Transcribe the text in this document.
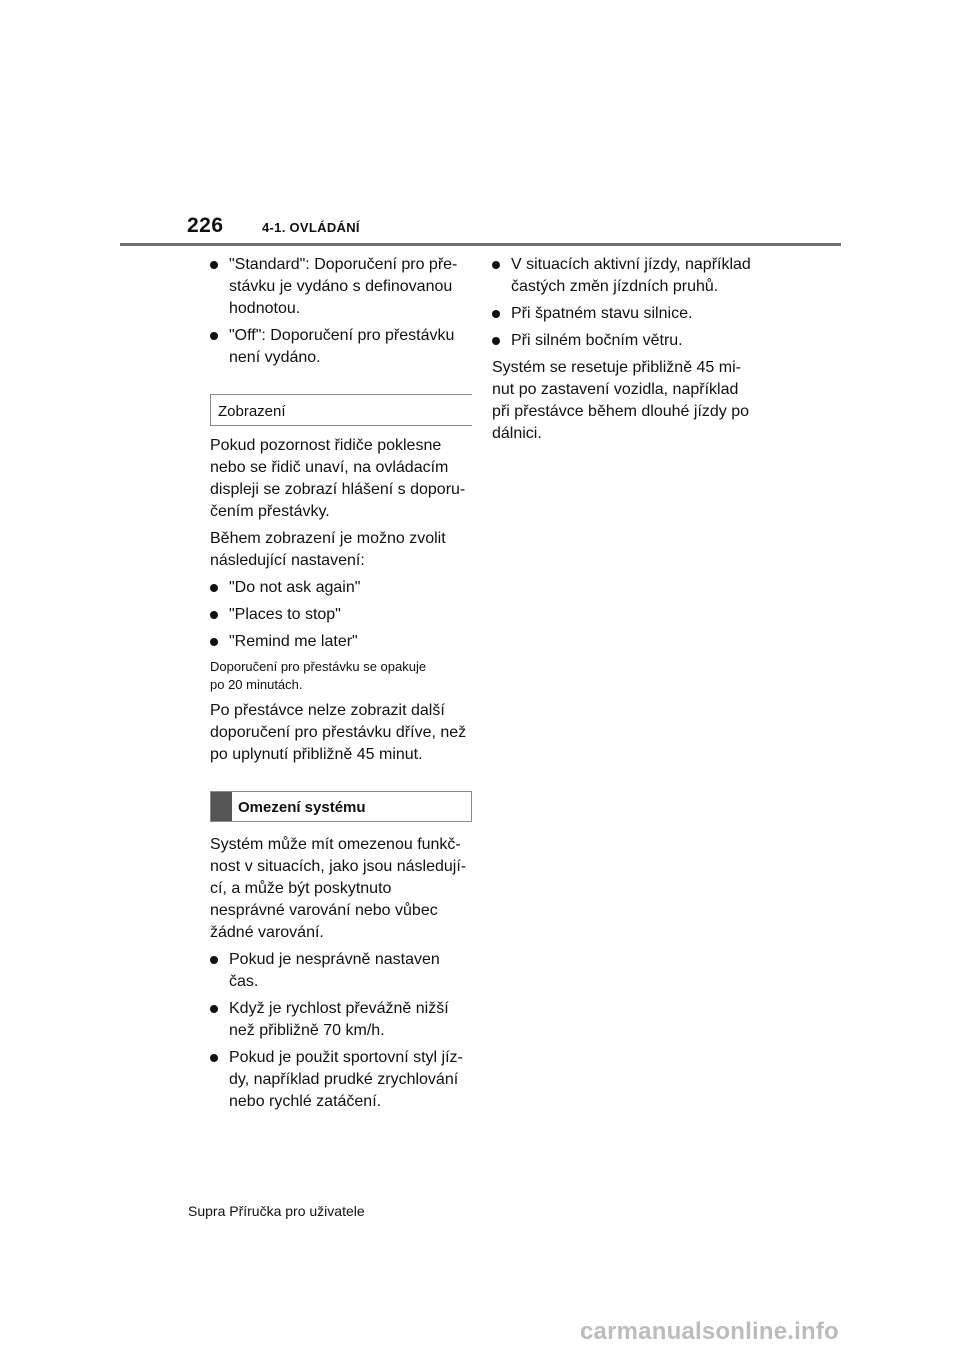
226	4-1. OVLÁDÁNÍ
"Standard": Doporučení pro pře-
stávku je vydáno s definovanou
hodnotou.
"Off": Doporučení pro přestávku
není vydáno.
Zobrazení

Pokud pozornost řidiče poklesne
nebo se řidič unaví, na ovládacím
displeji se zobrazí hlášení s doporu-
čením přestávky.

Během zobrazení je možno zvolit
následující nastavení:

"Do not ask again"
"Places to stop"
"Remind me later"

Doporučení pro přestávku se opakuje
po 20 minutách.

Po přestávce nelze zobrazit další
doporučení pro přestávku dříve, než
po uplynutí přibližně 45 minut.

Omezení systému

Systém může mít omezenou funkč-
nost v situacích, jako jsou následují-
cí, a může být poskytnuto
nesprávné varování nebo vůbec
žádné varování.

Pokud je nesprávně nastaven
čas.
Když je rychlost převážně nižší
než přibližně 70 km/h.
Pokud je použit sportovní styl jíz-
dy, například prudké zrychlování
nebo rychlé zatáčení.
V situacích aktivní jízdy, například
častých změn jízdních pruhů.
Při špatném stavu silnice.
Při silném bočním větru.

Systém se resetuje přibližně 45 mi-
nut po zastavení vozidla, například
při přestávce během dlouhé jízdy po
dálnici.

Supra Příručka pro uživatele
carmanualsonline.info
